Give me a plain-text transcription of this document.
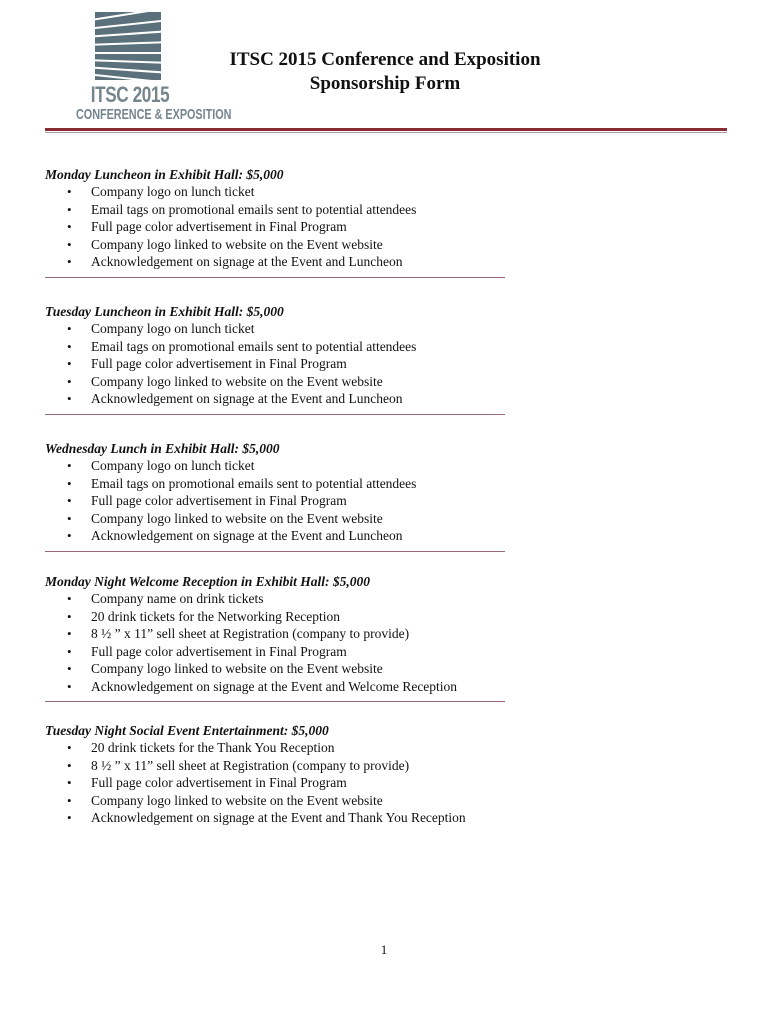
ITSC 2015
CONFERENCE & EXPOSITION
ITSC 2015 Conference and Exposition
Sponsorship Form

Monday Luncheon in Exhibit Hall: $5,000

• Company logo on lunch ticket
• Email tags on promotional emails sent to potential attendees
• Full page color advertisement in Final Program
• Company logo linked to website on the Event website
• Acknowledgement on signage at the Event and Luncheon

Tuesday Luncheon in Exhibit Hall: $5,000

• Company logo on lunch ticket
• Email tags on promotional emails sent to potential attendees
• Full page color advertisement in Final Program
• Company logo linked to website on the Event website
• Acknowledgement on signage at the Event and Luncheon

Wednesday Lunch in Exhibit Hall: $5,000

• Company logo on lunch ticket
• Email tags on promotional emails sent to potential attendees
• Full page color advertisement in Final Program
• Company logo linked to website on the Event website
• Acknowledgement on signage at the Event and Luncheon

Monday Night Welcome Reception in Exhibit Hall: $5,000

• Company name on drink tickets
• 20 drink tickets for the Networking Reception
• 8 ½ ” x 11” sell sheet at Registration (company to provide)
• Full page color advertisement in Final Program
• Company logo linked to website on the Event website
• Acknowledgement on signage at the Event and Welcome Reception

Tuesday Night Social Event Entertainment: $5,000

• 20 drink tickets for the Thank You Reception
• 8 ½ ” x 11” sell sheet at Registration (company to provide)
• Full page color advertisement in Final Program
• Company logo linked to website on the Event website
• Acknowledgement on signage at the Event and Thank You Reception
1
